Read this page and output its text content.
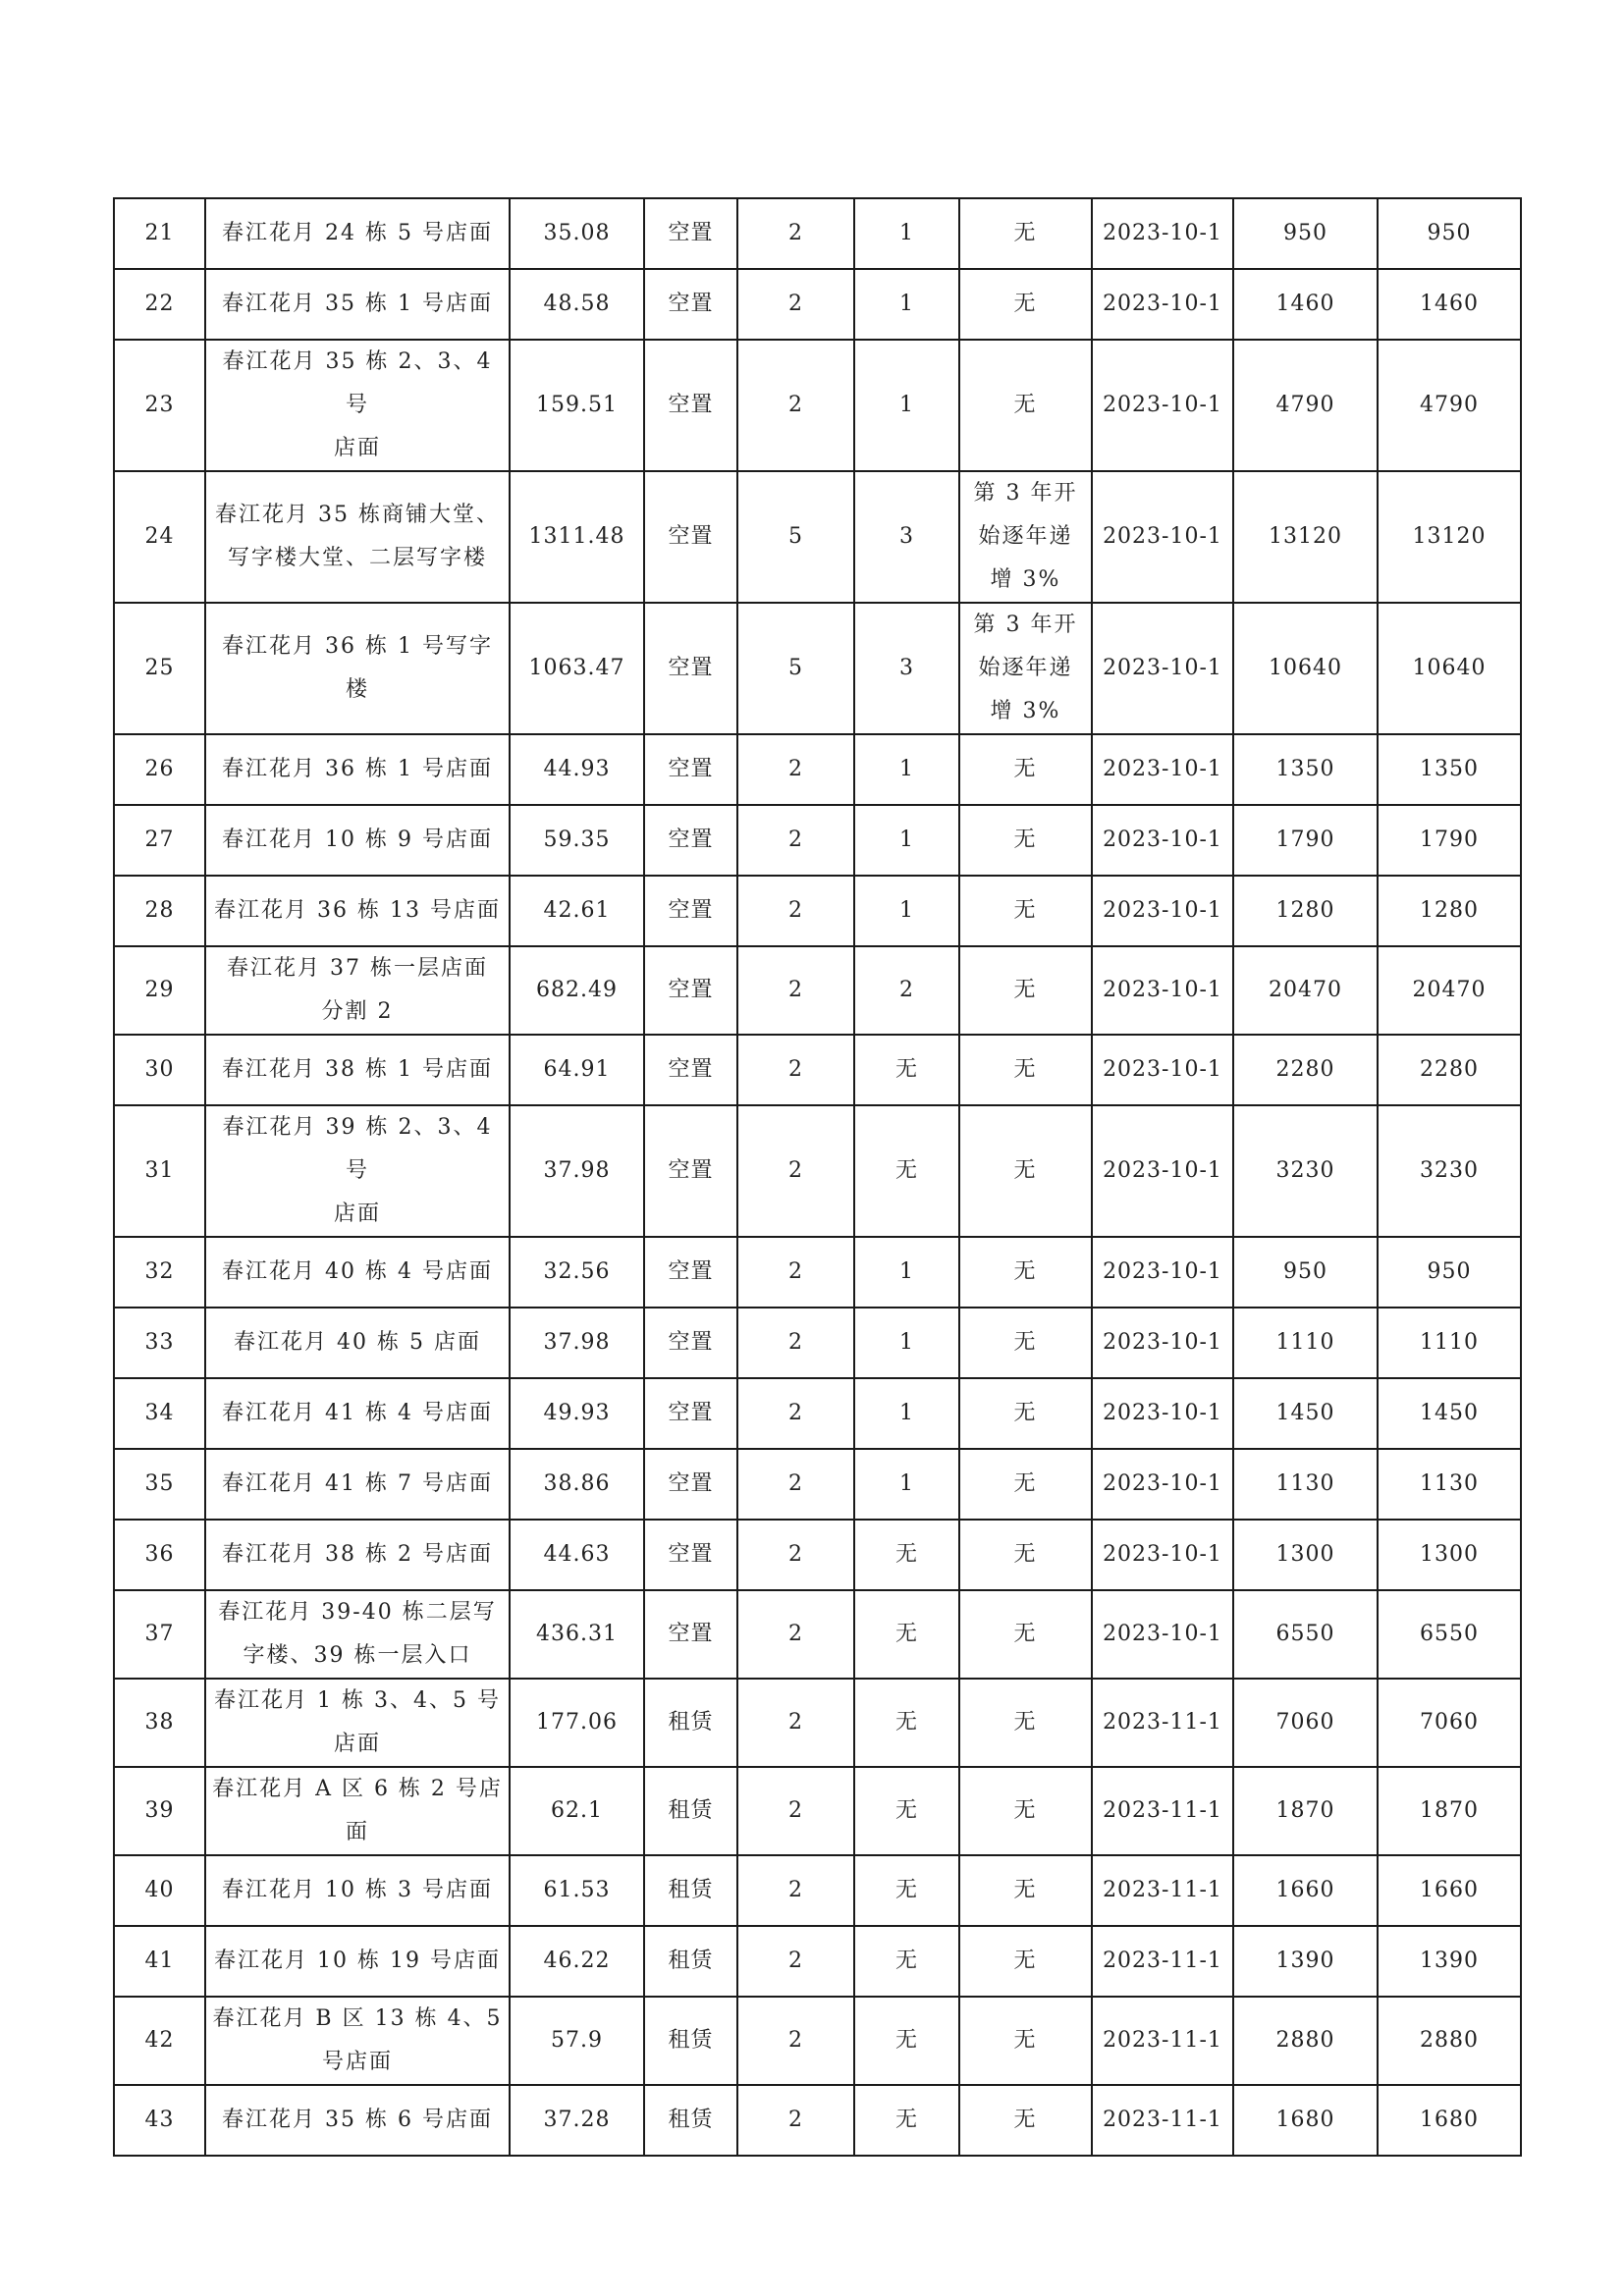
21	春江花月 24 栋 5 号店面	35.08	空置	2	1	无	2023-10-1	950	950
22	春江花月 35 栋 1 号店面	48.58	空置	2	1	无	2023-10-1	1460	1460
23	春江花月 35 栋 2、3、4 号
店面	159.51	空置	2	1	无	2023-10-1	4790	4790
24	春江花月 35 栋商铺大堂、
写字楼大堂、二层写字楼	1311.48	空置	5	3	第 3 年开
始逐年递
增 3%	2023-10-1	13120	13120
25	春江花月 36 栋 1 号写字楼	1063.47	空置	5	3	第 3 年开
始逐年递
增 3%	2023-10-1	10640	10640
26	春江花月 36 栋 1 号店面	44.93	空置	2	1	无	2023-10-1	1350	1350
27	春江花月 10 栋 9 号店面	59.35	空置	2	1	无	2023-10-1	1790	1790
28	春江花月 36 栋 13 号店面	42.61	空置	2	1	无	2023-10-1	1280	1280
29	春江花月 37 栋一层店面
分割 2	682.49	空置	2	2	无	2023-10-1	20470	20470
30	春江花月 38 栋 1 号店面	64.91	空置	2	无	无	2023-10-1	2280	2280
31	春江花月 39 栋 2、3、4 号
店面	37.98	空置	2	无	无	2023-10-1	3230	3230
32	春江花月 40 栋 4 号店面	32.56	空置	2	1	无	2023-10-1	950	950
33	春江花月 40 栋 5 店面	37.98	空置	2	1	无	2023-10-1	1110	1110
34	春江花月 41 栋 4 号店面	49.93	空置	2	1	无	2023-10-1	1450	1450
35	春江花月 41 栋 7 号店面	38.86	空置	2	1	无	2023-10-1	1130	1130
36	春江花月 38 栋 2 号店面	44.63	空置	2	无	无	2023-10-1	1300	1300
37	春江花月 39-40 栋二层写
字楼、39 栋一层入口	436.31	空置	2	无	无	2023-10-1	6550	6550
38	春江花月 1 栋 3、4、5 号
店面	177.06	租赁	2	无	无	2023-11-1	7060	7060
39	春江花月 A 区 6 栋 2 号店
面	62.1	租赁	2	无	无	2023-11-1	1870	1870
40	春江花月 10 栋 3 号店面	61.53	租赁	2	无	无	2023-11-1	1660	1660
41	春江花月 10 栋 19 号店面	46.22	租赁	2	无	无	2023-11-1	1390	1390
42	春江花月 B 区 13 栋 4、5
号店面	57.9	租赁	2	无	无	2023-11-1	2880	2880
43	春江花月 35 栋 6 号店面	37.28	租赁	2	无	无	2023-11-1	1680	1680
